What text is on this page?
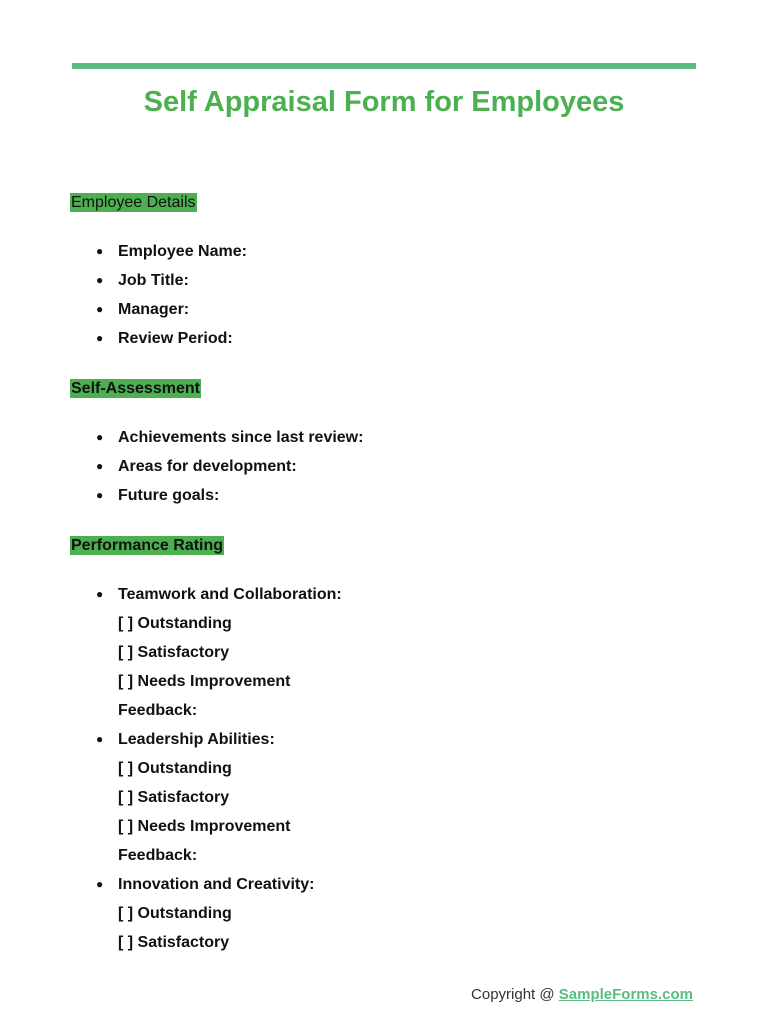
Self Appraisal Form for Employees
Employee Details
● Employee Name:
● Job Title:
● Manager:
● Review Period:
Self-Assessment
● Achievements since last review:
● Areas for development:
● Future goals:
Performance Rating
● Teamwork and Collaboration:
[ ] Outstanding
[ ] Satisfactory
[ ] Needs Improvement
Feedback:
● Leadership Abilities:
[ ] Outstanding
[ ] Satisfactory
[ ] Needs Improvement
Feedback:
● Innovation and Creativity:
[ ] Outstanding
[ ] Satisfactory
Copyright @ SampleForms.com
